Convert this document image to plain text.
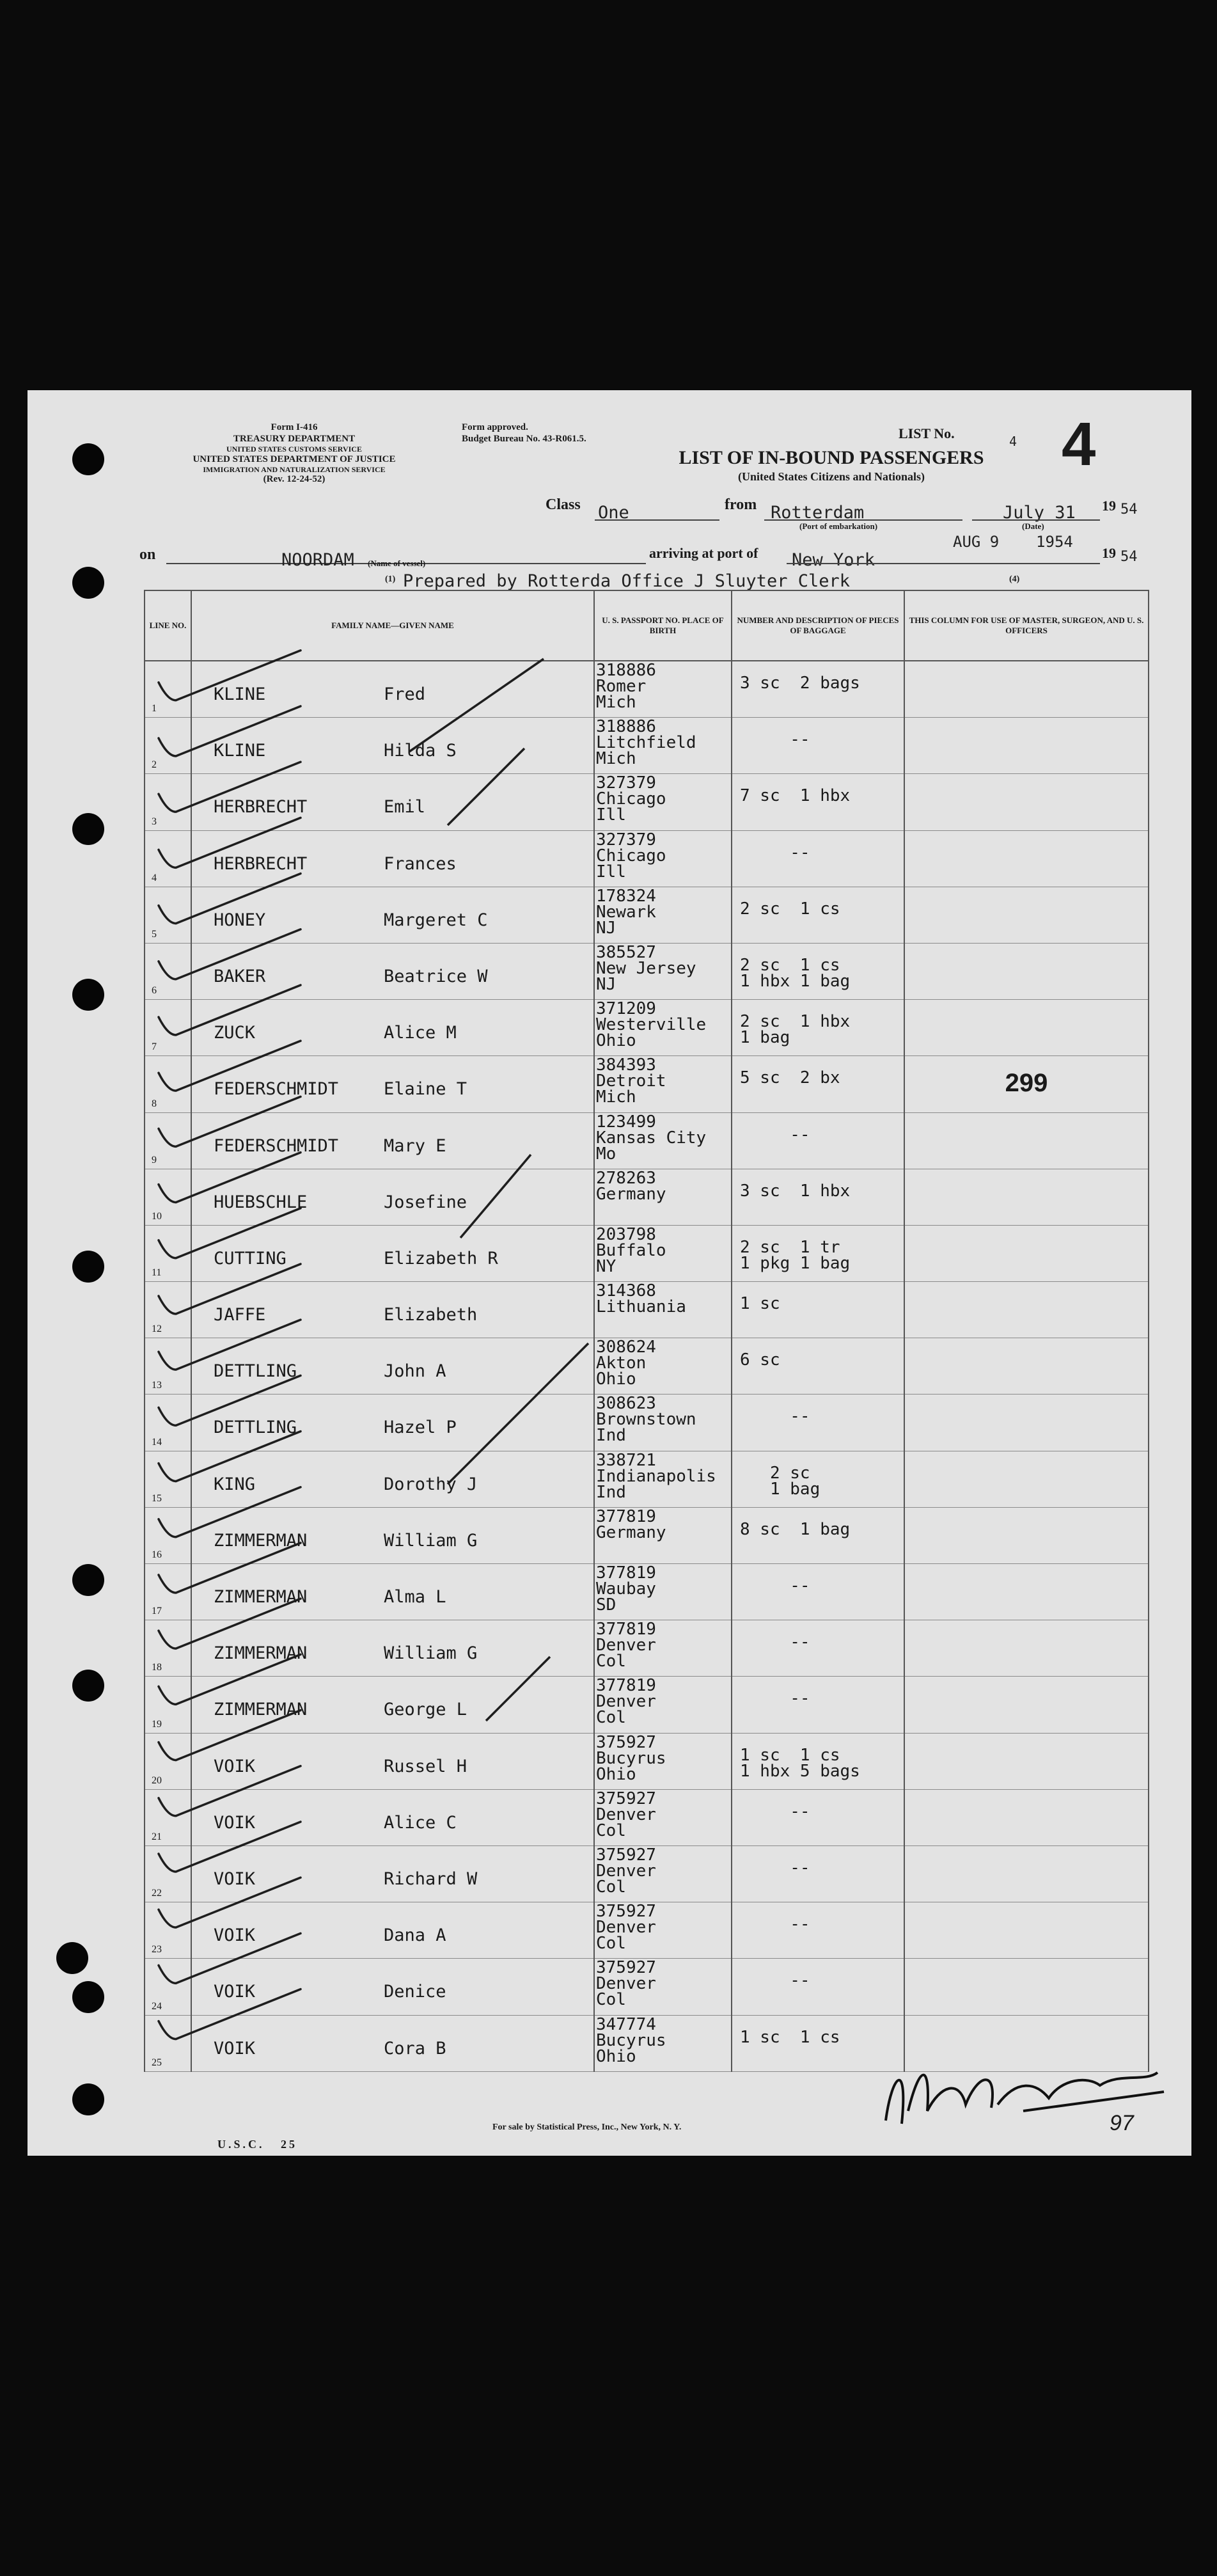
Form I-416
TREASURY DEPARTMENT
UNITED STATES CUSTOMS SERVICE
UNITED STATES DEPARTMENT OF JUSTICE
IMMIGRATION AND NATURALIZATION SERVICE
(Rev. 12-24-52)
Form approved.
Budget Bureau No. 43-R061.5.
LIST OF IN-BOUND PASSENGERS
(United States Citizens and Nationals)
LIST No.	4 4
Class One	from Rotterdam
(Port of embarkation)
July 31
(Date)
19 54
on	NOORDAM (Name of vessel)
arriving at port of New York
AUG 9    1954
19 54
(1) Prepared by Rotterda Office J Sluyter Clerk	(4)
LINE NO.	FAMILY NAME—GIVEN NAME	U. S. PASSPORT NO. PLACE OF BIRTH	NUMBER AND DESCRIPTION OF PIECES OF BAGGAGE	THIS COLUMN FOR USE OF MASTER, SURGEON, AND U. S. OFFICERS

1	KLINE Fred	318886
Romer
Mich	3 sc  2 bags	

2	KLINE Hilda S	318886
Litchfield
Mich	--	

3	HERBRECHT Emil	327379
Chicago
Ill	7 sc  1 hbx	

4	HERBRECHT Frances	327379
Chicago
Ill	--	

5	HONEY Margeret C	178324
Newark
NJ	2 sc  1 cs	

6	BAKER Beatrice W	385527
New Jersey
NJ	2 sc  1 cs
1 hbx 1 bag	

7	ZUCK Alice M	371209
Westerville
Ohio	2 sc  1 hbx
1 bag	

8	FEDERSCHMIDT Elaine T	384393
Detroit
Mich	5 sc  2 bx	299

9	FEDERSCHMIDT Mary E	123499
Kansas City
Mo	--	

10	HUEBSCHLE Josefine	278263
Germany	3 sc  1 hbx	

11	CUTTING Elizabeth R	203798
Buffalo
NY	2 sc  1 tr
1 pkg 1 bag	

12	JAFFE Elizabeth	314368
Lithuania	1 sc	

13	DETTLING John A	308624
Akton
Ohio	6 sc	

14	DETTLING Hazel P	308623
Brownstown
Ind	--	

15	KING Dorothy J	338721
Indianapolis
Ind	2 sc
1 bag	

16	ZIMMERMAN William G	377819
Germany	8 sc  1 bag	

17	ZIMMERMAN Alma L	377819
Waubay
SD	--	

18	ZIMMERMAN William G	377819
Denver
Col	--	

19	ZIMMERMAN George L	377819
Denver
Col	--	

20	VOIK Russel H	375927
Bucyrus
Ohio	1 sc  1 cs
1 hbx 5 bags	

21	VOIK Alice C	375927
Denver
Col	--	

22	VOIK Richard W	375927
Denver
Col	--	

23	VOIK Dana A	375927
Denver
Col	--	

24	VOIK Denice	375927
Denver
Col	--	

25	VOIK Cora B	347774
Bucyrus
Ohio	1 sc  1 cs	

97
U.S.C.   25
For sale by Statistical Press, Inc., New York, N. Y.
